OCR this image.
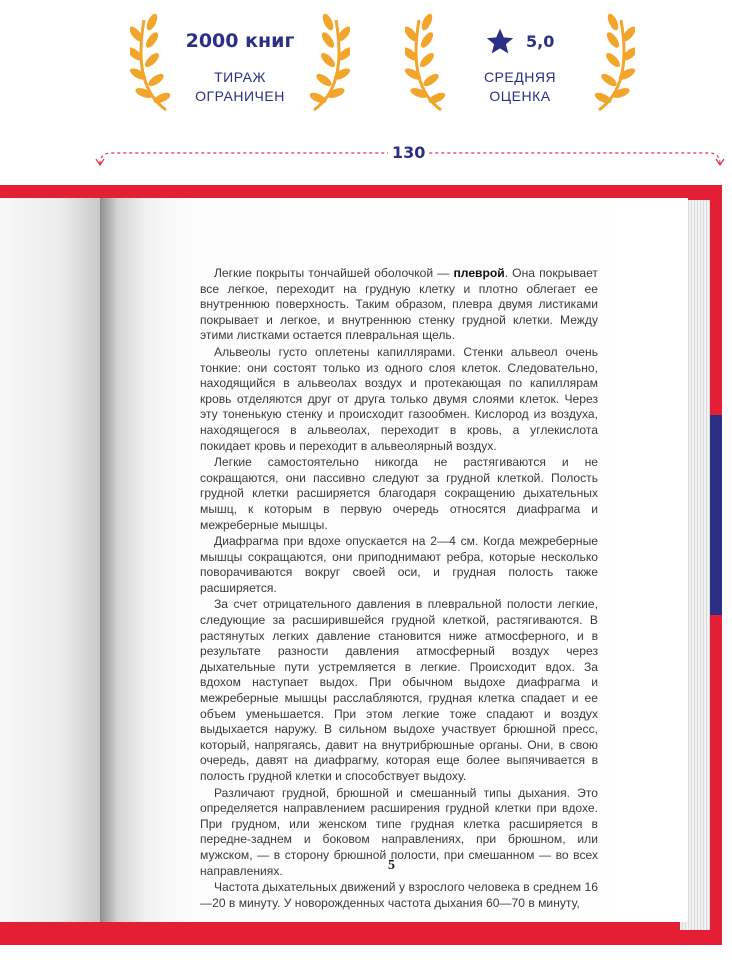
2000 книг
ТИРАЖ
ОГРАНИЧЕН
5,0
СРЕДНЯЯ
ОЦЕНКА
130

Легкие покрыты тончайшей оболочкой — плеврой. Она покрывает все легкое, переходит на грудную клетку и плотно облегает ее внутреннюю поверхность. Таким образом, плевра двумя листиками покрывает и легкое, и внутреннюю стенку грудной клетки. Между этими листками остается плевральная щель.

Альвеолы густо оплетены капиллярами. Стенки альвеол очень тонкие: они состоят только из одного слоя клеток. Следовательно, находящийся в альвеолах воздух и протекающая по капиллярам кровь отделяются друг от друга только двумя слоями клеток. Через эту тоненькую стенку и происходит газообмен. Кислород из воздуха, находящегося в альвеолах, переходит в кровь, а углекислота покидает кровь и переходит в альвеолярный воздух.

Легкие самостоятельно никогда не растягиваются и не сокращаются, они пассивно следуют за грудной клеткой. Полость грудной клетки расширяется благодаря сокращению дыхательных мышц, к которым в первую очередь относятся диафрагма и межреберные мышцы.

Диафрагма при вдохе опускается на 2—4 см. Когда межреберные мышцы сокращаются, они приподнимают ребра, которые несколько поворачиваются вокруг своей оси, и грудная полость также расширяется.

За счет отрицательного давления в плевральной полости легкие, следующие за расширившейся грудной клеткой, растягиваются. В растянутых легких давление становится ниже атмосферного, и в результате разности давления атмосферный воздух через дыхательные пути устремляется в легкие. Происходит вдох. За вдохом наступает выдох. При обычном выдохе диафрагма и межреберные мышцы расслабляются, грудная клетка спадает и ее объем уменьшается. При этом легкие тоже спадают и воздух выдыхается наружу. В сильном выдохе участвует брюшной пресс, который, напрягаясь, давит на внутрибрюшные органы. Они, в свою очередь, давят на диафрагму, которая еще более выпячивается в полость грудной клетки и способствует выдоху.

Различают грудной, брюшной и смешанный типы дыхания. Это определяется направлением расширения грудной клетки при вдохе. При грудном, или женском типе грудная клетка расширяется в передне-заднем и боковом направлениях, при брюшном, или мужском, — в сторону брюшной полости, при смешанном — во всех направлениях.

Частота дыхательных движений у взрослого человека в среднем 16—20 в минуту. У новорожденных частота дыхания 60—70 в минуту,

5
